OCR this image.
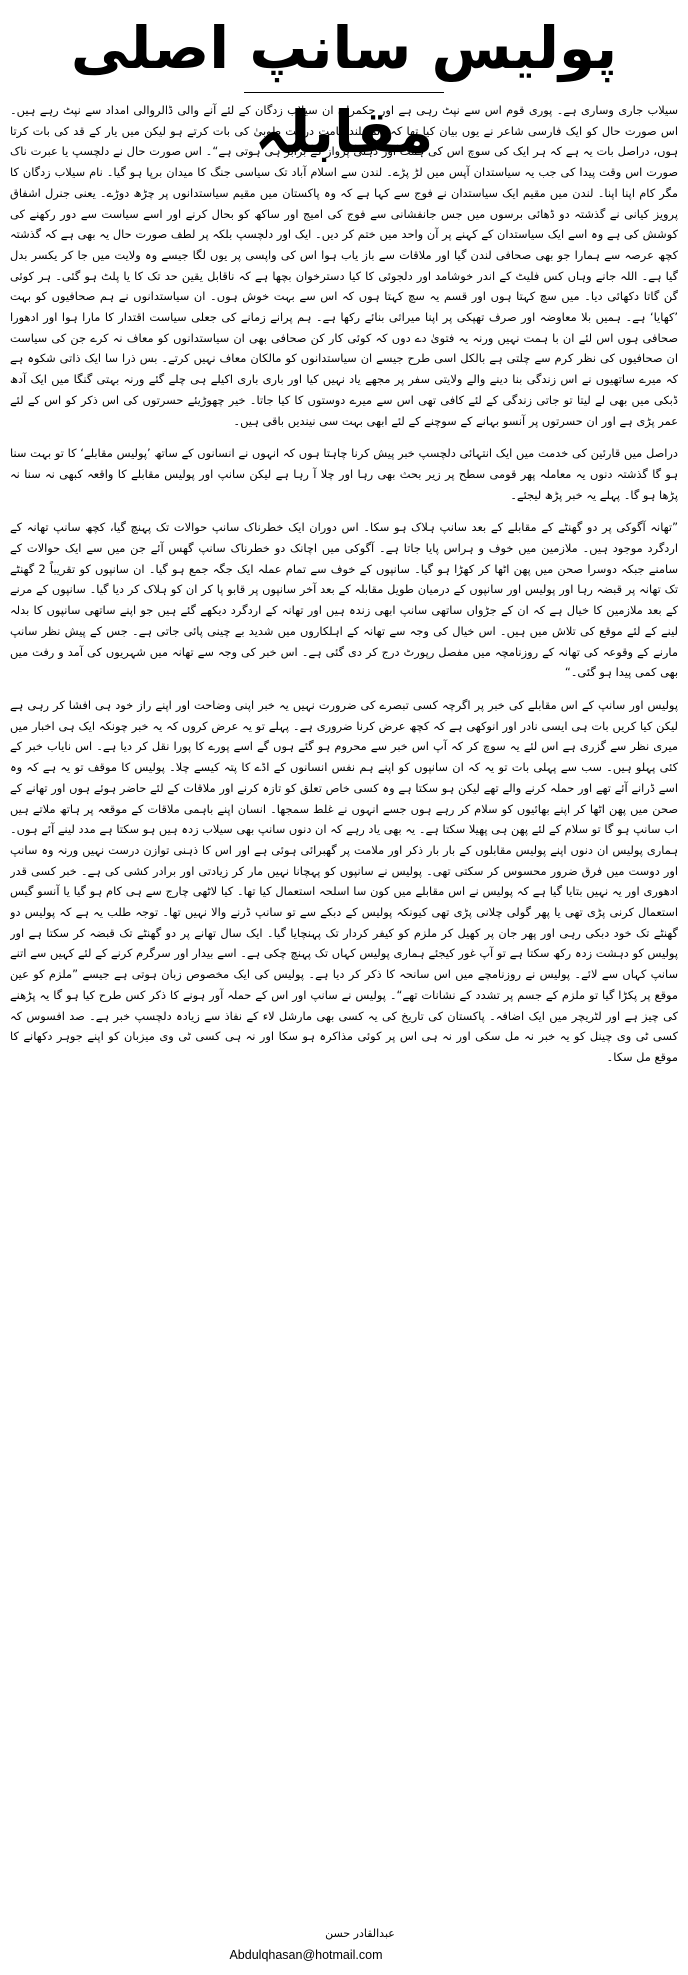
پولیس سانپ اصلی مقابلہ

سیلاب جاری وساری ہے۔ پوری قوم اس سے نپٹ رہی ہے اور حکمران ان سیلاب زدگان کے لئے آنے والی ڈالروالی امداد سے نپٹ رہے ہیں۔ اس صورت حال کو ایک فارسی شاعر نے یوں بیان کیا تھا کہ ”تم بلند قامت درخت طوبیٰ کی بات کرتے ہو لیکن میں یار کے قد کی بات کرتا ہوں، دراصل بات یہ ہے کہ ہر ایک کی سوچ اس کی ہمت اور ذہنی پرواز کے برابر ہی ہوتی ہے“۔ اس صورت حال نے دلچسپ یا عبرت ناک صورت اس وقت پیدا کی جب یہ سیاستدان آپس میں لڑ پڑے۔ لندن سے اسلام آباد تک سیاسی جنگ کا میدان برپا ہو گیا۔ نام سیلاب زدگان کا مگر کام اپنا اپنا۔ لندن میں مقیم ایک سیاستدان نے فوج سے کہا ہے کہ وہ پاکستان میں مقیم سیاستدانوں پر چڑھ دوڑے۔ یعنی جنرل اشفاق پرویز کیانی نے گذشتہ دو ڈھائی برسوں میں جس جانفشانی سے فوج کی امیج اور ساکھ کو بحال کرنے اور اسے سیاست سے دور رکھنے کی کوشش کی ہے وہ اسے ایک سیاستدان کے کہنے پر آن واحد میں ختم کر دیں۔ ایک اور دلچسپ بلکہ پر لطف صورت حال یہ بھی ہے کہ گذشتہ کچھ عرصہ سے ہمارا جو بھی صحافی لندن گیا اور ملاقات سے باز یاب ہوا اس کی واپسی پر یوں لگا جیسے وہ ولایت میں جا کر یکسر بدل گیا ہے۔ اللہ جانے وہاں کس فلیٹ کے اندر خوشامد اور دلجوئی کا کیا دسترخوان بچھا ہے کہ ناقابل یقین حد تک کا یا پلٹ ہو گئی۔ ہر کوئی گن گاتا دکھائی دیا۔ میں سچ کہتا ہوں اور قسم یہ سچ کہتا ہوں کہ اس سے بہت خوش ہوں۔ ان سیاستدانوں نے ہم صحافیوں کو بہت ’کھایا‘ ہے۔ ہمیں بلا معاوضہ اور صرف تھپکی پر اپنا میراثی بنائے رکھا ہے۔ ہم پرانے زمانے کی جعلی سیاست اقتدار کا مارا ہوا اور ادھورا صحافی ہوں اس لئے ان با ہمت نہیں ورنہ یہ فتویٰ دے دوں کہ کوئی کار کن صحافی بھی ان سیاستدانوں کو معاف نہ کرے جن کی سیاست ان صحافیوں کی نظر کرم سے چلتی ہے بالکل اسی طرح جیسے ان سیاستدانوں کو مالکان معاف نہیں کرتے۔ بس ذرا سا ایک ذاتی شکوہ ہے کہ میرے ساتھیوں نے اس زندگی بنا دینے والے ولایتی سفر پر مجھے یاد نہیں کیا اور باری باری اکیلے ہی چلے گئے ورنہ بہتی گنگا میں ایک آدھ ڈبکی میں بھی لے لیتا تو جاتی زندگی کے لئے کافی تھی اس سے میرے دوستوں کا کیا جاتا۔ خیر چھوڑیئے حسرتوں کی اس ذکر کو اس کے لئے عمر پڑی ہے اور ان حسرتوں پر آنسو بہانے کے سوچنے کے لئے ابھی بہت سی نیندیں باقی ہیں۔

دراصل میں قارئین کی خدمت میں ایک انتہائی دلچسپ خبر پیش کرنا چاہتا ہوں کہ انہوں نے انسانوں کے ساتھ ’پولیس مقابلے‘ کا تو بہت سنا ہو گا گذشتہ دنوں یہ معاملہ پھر قومی سطح پر زیر بحث بھی رہا اور چلا آ رہا ہے لیکن سانپ اور پولیس مقابلے کا واقعہ کبھی نہ سنا نہ پڑھا ہو گا۔ پہلے یہ خبر پڑھ لیجئے۔

”تھانہ آگوکی پر دو گھنٹے کے مقابلے کے بعد سانپ ہلاک ہو سکا۔ اس دوران ایک خطرناک سانپ حوالات تک پہنچ گیا، کچھ سانپ تھانہ کے اردگرد موجود ہیں۔ ملازمین میں خوف و ہراس پایا جاتا ہے۔ آگوکی میں اچانک دو خطرناک سانپ گھس آئے جن میں سے ایک حوالات کے سامنے جبکہ دوسرا صحن میں پھن اٹھا کر کھڑا ہو گیا۔ سانپوں کے خوف سے تمام عملہ ایک جگہ جمع ہو گیا۔ ان سانپوں کو تقریباً 2 گھنٹے تک تھانہ پر قبضہ رہا اور پولیس اور سانپوں کے درمیان طویل مقابلہ کے بعد آخر سانپوں پر قابو پا کر ان کو ہلاک کر دیا گیا۔ سانپوں کے مرنے کے بعد ملازمین کا خیال ہے کہ ان کے جڑواں ساتھی سانپ ابھی زندہ ہیں اور تھانہ کے اردگرد دیکھے گئے ہیں جو اپنے ساتھی سانپوں کا بدلہ لینے کے لئے موقع کی تلاش میں ہیں۔ اس خیال کی وجہ سے تھانہ کے اہلکاروں میں شدید بے چینی پائی جاتی ہے۔ جس کے پیش نظر سانپ مارنے کے وقوعہ کی تھانہ کے روزنامچہ میں مفصل رپورٹ درج کر دی گئی ہے۔ اس خبر کی وجہ سے تھانہ میں شہریوں کی آمد و رفت میں بھی کمی پیدا ہو گئی۔“

پولیس اور سانپ کے اس مقابلے کی خبر پر اگرچہ کسی تبصرے کی ضرورت نہیں یہ خبر اپنی وضاحت اور اپنے راز خود ہی افشا کر رہی ہے لیکن کیا کریں بات ہی ایسی نادر اور انوکھی ہے کہ کچھ عرض کرنا ضروری ہے۔ پہلے تو یہ عرض کروں کہ یہ خبر چونکہ ایک ہی اخبار میں میری نظر سے گزری ہے اس لئے یہ سوچ کر کہ آپ اس خبر سے محروم ہو گئے ہوں گے اسے پورے کا پورا نقل کر دیا ہے۔ اس نایاب خبر کے کئی پہلو ہیں۔ سب سے پہلی بات تو یہ کہ ان سانپوں کو اپنے ہم نفس انسانوں کے اڈے کا پتہ کیسے چلا۔ پولیس کا موقف تو یہ ہے کہ وہ اسے ڈرانے آئے تھے اور حملہ کرنے والے تھے لیکن ہو سکتا ہے وہ کسی خاص تعلق کو تازہ کرنے اور ملاقات کے لئے حاضر ہوئے ہوں اور تھانے کے صحن میں پھن اٹھا کر اپنے بھائیوں کو سلام کر رہے ہوں جسے انہوں نے غلط سمجھا۔ انسان اپنے باہمی ملاقات کے موقعہ پر ہاتھ ملاتے ہیں اب سانپ ہو گا تو سلام کے لئے پھن ہی پھیلا سکتا ہے۔ یہ بھی یاد رہے کہ ان دنوں سانپ بھی سیلاب زدہ ہیں ہو سکتا ہے مدد لینے آئے ہوں۔ ہماری پولیس ان دنوں اپنے پولیس مقابلوں کے بار بار ذکر اور ملامت پر گھبرائی ہوئی ہے اور اس کا ذہنی توازن درست نہیں ورنہ وہ سانپ اور دوست میں فرق ضرور محسوس کر سکتی تھی۔ پولیس نے سانپوں کو پہچانا نہیں مار کر زیادتی اور برادر کشی کی ہے۔ خبر کسی قدر ادھوری اور یہ نہیں بتایا گیا ہے کہ پولیس نے اس مقابلے میں کون سا اسلحہ استعمال کیا تھا۔ کیا لاٹھی چارج سے ہی کام ہو گیا یا آنسو گیس استعمال کرنی پڑی تھی یا پھر گولی چلانی پڑی تھی کیونکہ پولیس کے دبکے سے تو سانپ ڈرنے والا نہیں تھا۔ توجہ طلب یہ ہے کہ پولیس دو گھنٹے تک خود دبکی رہی اور پھر جان پر کھیل کر ملزم کو کیفر کردار تک پہنچایا گیا۔ ایک سال تھانے پر دو گھنٹے تک قبضہ کر سکتا ہے اور پولیس کو دہشت زدہ رکھ سکتا ہے تو آپ غور کیجئے ہماری پولیس کہاں تک پہنچ چکی ہے۔ اسے بیدار اور سرگرم کرنے کے لئے کہیں سے اتنے سانپ کہاں سے لائے۔ پولیس نے روزنامچے میں اس سانحہ کا ذکر کر دیا ہے۔ پولیس کی ایک مخصوص زبان ہوتی ہے جیسے ”ملزم کو عین موقع پر پکڑا گیا تو ملزم کے جسم پر تشدد کے نشانات تھے“۔ پولیس نے سانپ اور اس کے حملہ آور ہونے کا ذکر کس طرح کیا ہو گا یہ پڑھنے کی چیز ہے اور لٹریچر میں ایک اضافہ۔ پاکستان کی تاریخ کی یہ کسی بھی مارشل لاء کے نفاذ سے زیادہ دلچسپ خبر ہے۔ صد افسوس کہ کسی ٹی وی چینل کو یہ خبر نہ مل سکی اور نہ ہی اس پر کوئی مذاکرہ ہو سکا اور نہ ہی کسی ٹی وی میزبان کو اپنے جوہر دکھانے کا موقع مل سکا۔

عبدالقادر حسن
Abdulqhasan@hotmail.com
